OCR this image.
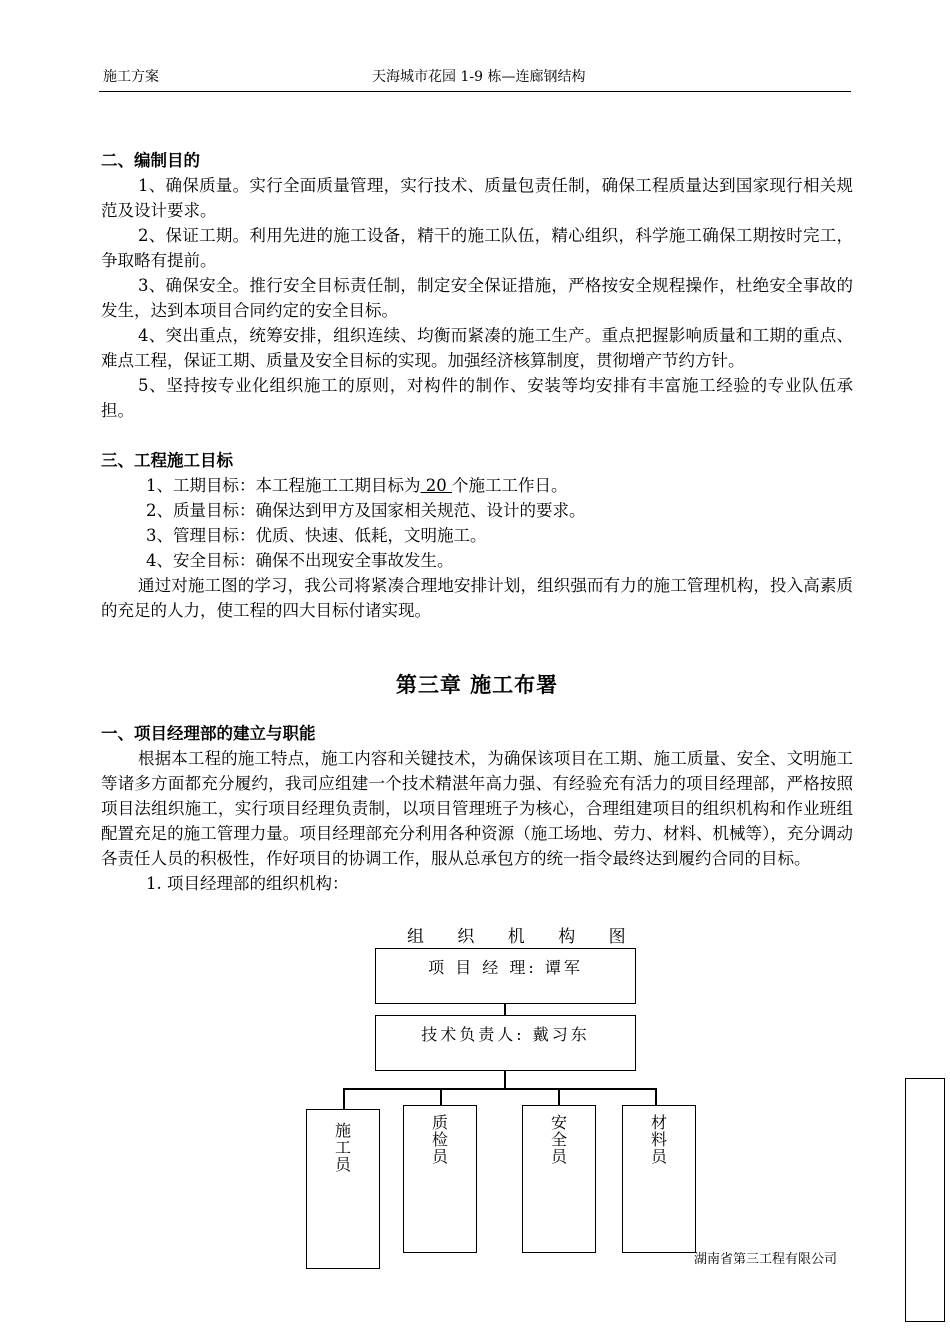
施工方案	天海城市花园 1-9 栋—连廊钢结构

二、编制目的

1、确保质量。实行全面质量管理，实行技术、质量包责任制，确保工程质量达到国家现行相关规范及设计要求。

2、保证工期。利用先进的施工设备，精干的施工队伍，精心组织，科学施工确保工期按时完工，争取略有提前。

3、确保安全。推行安全目标责任制，制定安全保证措施，严格按安全规程操作，杜绝安全事故的发生，达到本项目合同约定的安全目标。

4、突出重点，统筹安排，组织连续、均衡而紧凑的施工生产。重点把握影响质量和工期的重点、难点工程，保证工期、质量及安全目标的实现。加强经济核算制度，贯彻增产节约方针。

5、坚持按专业化组织施工的原则，对构件的制作、安装等均安排有丰富施工经验的专业队伍承担。

三、工程施工目标

1、工期目标：本工程施工工期目标为 20 个施工工作日。

2、质量目标：确保达到甲方及国家相关规范、设计的要求。

3、管理目标：优质、快速、低耗，文明施工。

4、安全目标：确保不出现安全事故发生。

通过对施工图的学习，我公司将紧凑合理地安排计划，组织强而有力的施工管理机构，投入高素质的充足的人力，使工程的四大目标付诸实现。

第三章 施工布署

一、项目经理部的建立与职能

根据本工程的施工特点，施工内容和关键技术，为确保该项目在工期、施工质量、安全、文明施工等诸多方面都充分履约，我司应组建一个技术精湛年高力强、有经验充有活力的项目经理部，严格按照项目法组织施工，实行项目经理负责制，以项目管理班子为核心，合理组建项目的组织机构和作业班组配置充足的施工管理力量。项目经理部充分利用各种资源（施工场地、劳力、材料、机械等），充分调动各责任人员的积极性，作好项目的协调工作，服从总承包方的统一指令最终达到履约合同的目标。

1. 项目经理部的组织机构：

组 织 机 构 图
项 目 经 理: 谭军
技术负责人: 戴习东
施工员
质检员
安全员
材料员
湖南省第三工程有限公司
